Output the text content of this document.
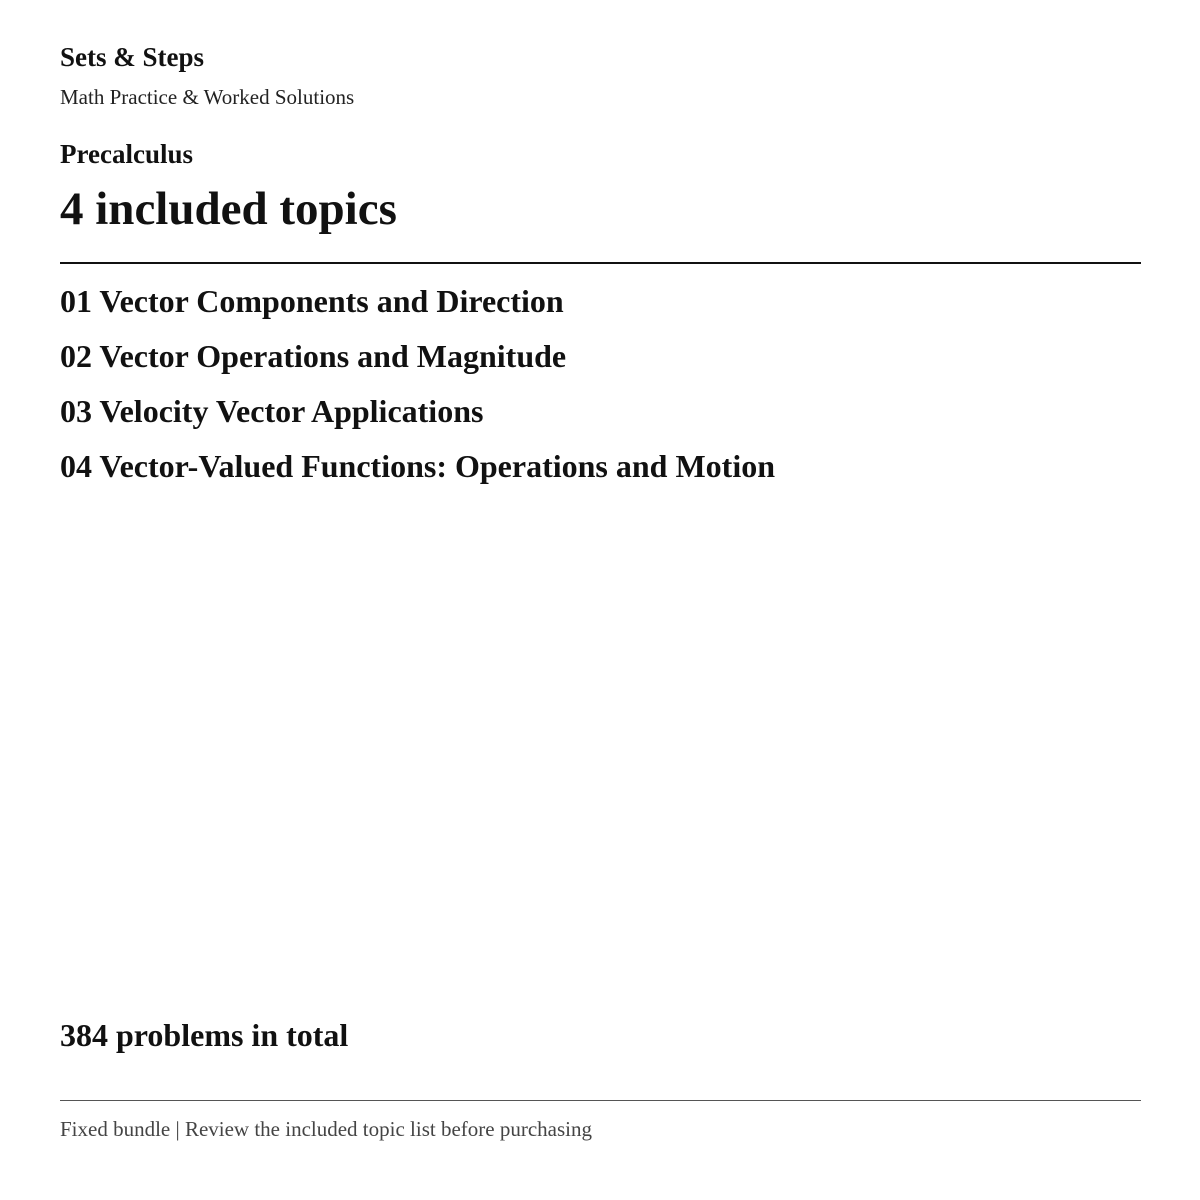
Sets & Steps
Math Practice & Worked Solutions
Precalculus
4 included topics
01 Vector Components and Direction
02 Vector Operations and Magnitude
03 Velocity Vector Applications
04 Vector-Valued Functions: Operations and Motion
384 problems in total
Fixed bundle | Review the included topic list before purchasing
